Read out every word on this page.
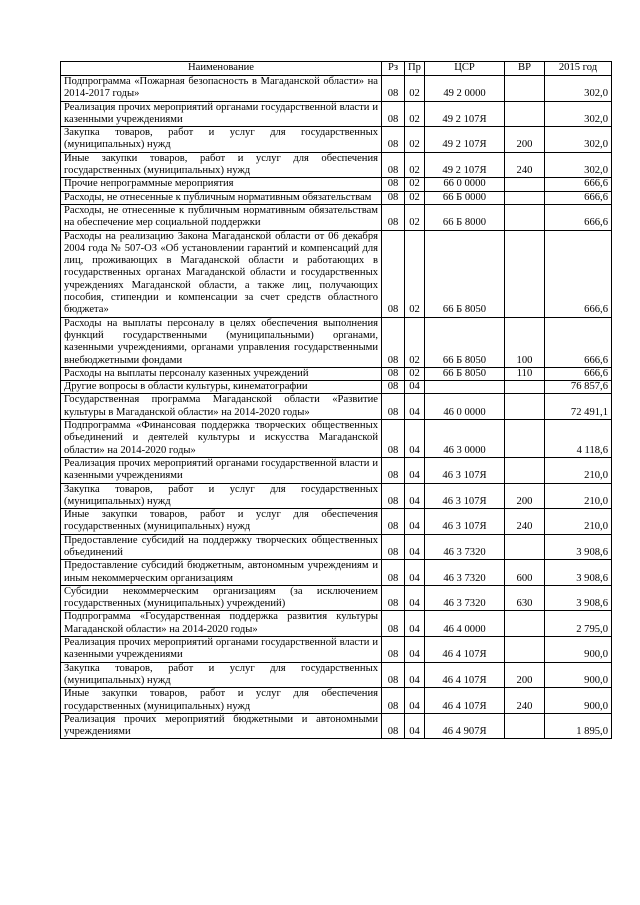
Наименование	Рз	Пр	ЦСР	ВР	2015 год
Подпрограмма «Пожарная безопасность в Магаданской области» на 2014-2017 годы»	08	02	49 2 0000		302,0
Реализация прочих мероприятий органами государственной власти и казенными учреждениями	08	02	49 2 107Я		302,0
Закупка товаров, работ и услуг для государственных (муниципальных) нужд	08	02	49 2 107Я	200	302,0
Иные закупки товаров, работ и услуг для обеспечения государственных (муниципальных) нужд	08	02	49 2 107Я	240	302,0
Прочие непрограммные мероприятия	08	02	66 0 0000		666,6
Расходы, не отнесенные к публичным нормативным обязательствам	08	02	66 Б 0000		666,6
Расходы, не отнесенные к публичным нормативным обязательствам на обеспечение мер социальной поддержки	08	02	66 Б 8000		666,6
Расходы на реализацию Закона Магаданской области от 06 декабря 2004 года № 507-ОЗ «Об установлении гарантий и компенсаций для лиц, проживающих в Магаданской области и работающих в государственных органах Магаданской области и государственных учреждениях Магаданской области, а также лиц, получающих пособия, стипендии и компенсации за счет средств областного бюджета»	08	02	66 Б 8050		666,6
Расходы на выплаты персоналу в целях обеспечения выполнения функций государственными (муниципальными) органами, казенными учреждениями, органами управления государственными внебюджетными фондами	08	02	66 Б 8050	100	666,6
Расходы на выплаты персоналу казенных учреждений	08	02	66 Б 8050	110	666,6
Другие вопросы в области культуры, кинематографии	08	04			76 857,6
Государственная программа Магаданской области «Развитие культуры в Магаданской области» на 2014-2020 годы»	08	04	46 0 0000		72 491,1
Подпрограмма «Финансовая поддержка творческих общественных объединений и деятелей культуры и искусства Магаданской области» на 2014-2020 годы»	08	04	46 3 0000		4 118,6
Реализация прочих мероприятий органами государственной власти и казенными учреждениями	08	04	46 3 107Я		210,0
Закупка товаров, работ и услуг для государственных (муниципальных) нужд	08	04	46 3 107Я	200	210,0
Иные закупки товаров, работ и услуг для обеспечения государственных (муниципальных) нужд	08	04	46 3 107Я	240	210,0
Предоставление субсидий на поддержку творческих общественных объединений	08	04	46 3 7320		3 908,6
Предоставление субсидий бюджетным, автономным учреждениям и иным некоммерческим организациям	08	04	46 3 7320	600	3 908,6
Субсидии некоммерческим организациям (за исключением государственных (муниципальных) учреждений)	08	04	46 3 7320	630	3 908,6
Подпрограмма «Государственная поддержка развития культуры Магаданской области» на 2014-2020 годы»	08	04	46 4 0000		2 795,0
Реализация прочих мероприятий органами государственной власти и казенными учреждениями	08	04	46 4 107Я		900,0
Закупка товаров, работ и услуг для государственных (муниципальных) нужд	08	04	46 4 107Я	200	900,0
Иные закупки товаров, работ и услуг для обеспечения государственных (муниципальных) нужд	08	04	46 4 107Я	240	900,0
Реализация прочих мероприятий бюджетными и автономными учреждениями	08	04	46 4 907Я		1 895,0
